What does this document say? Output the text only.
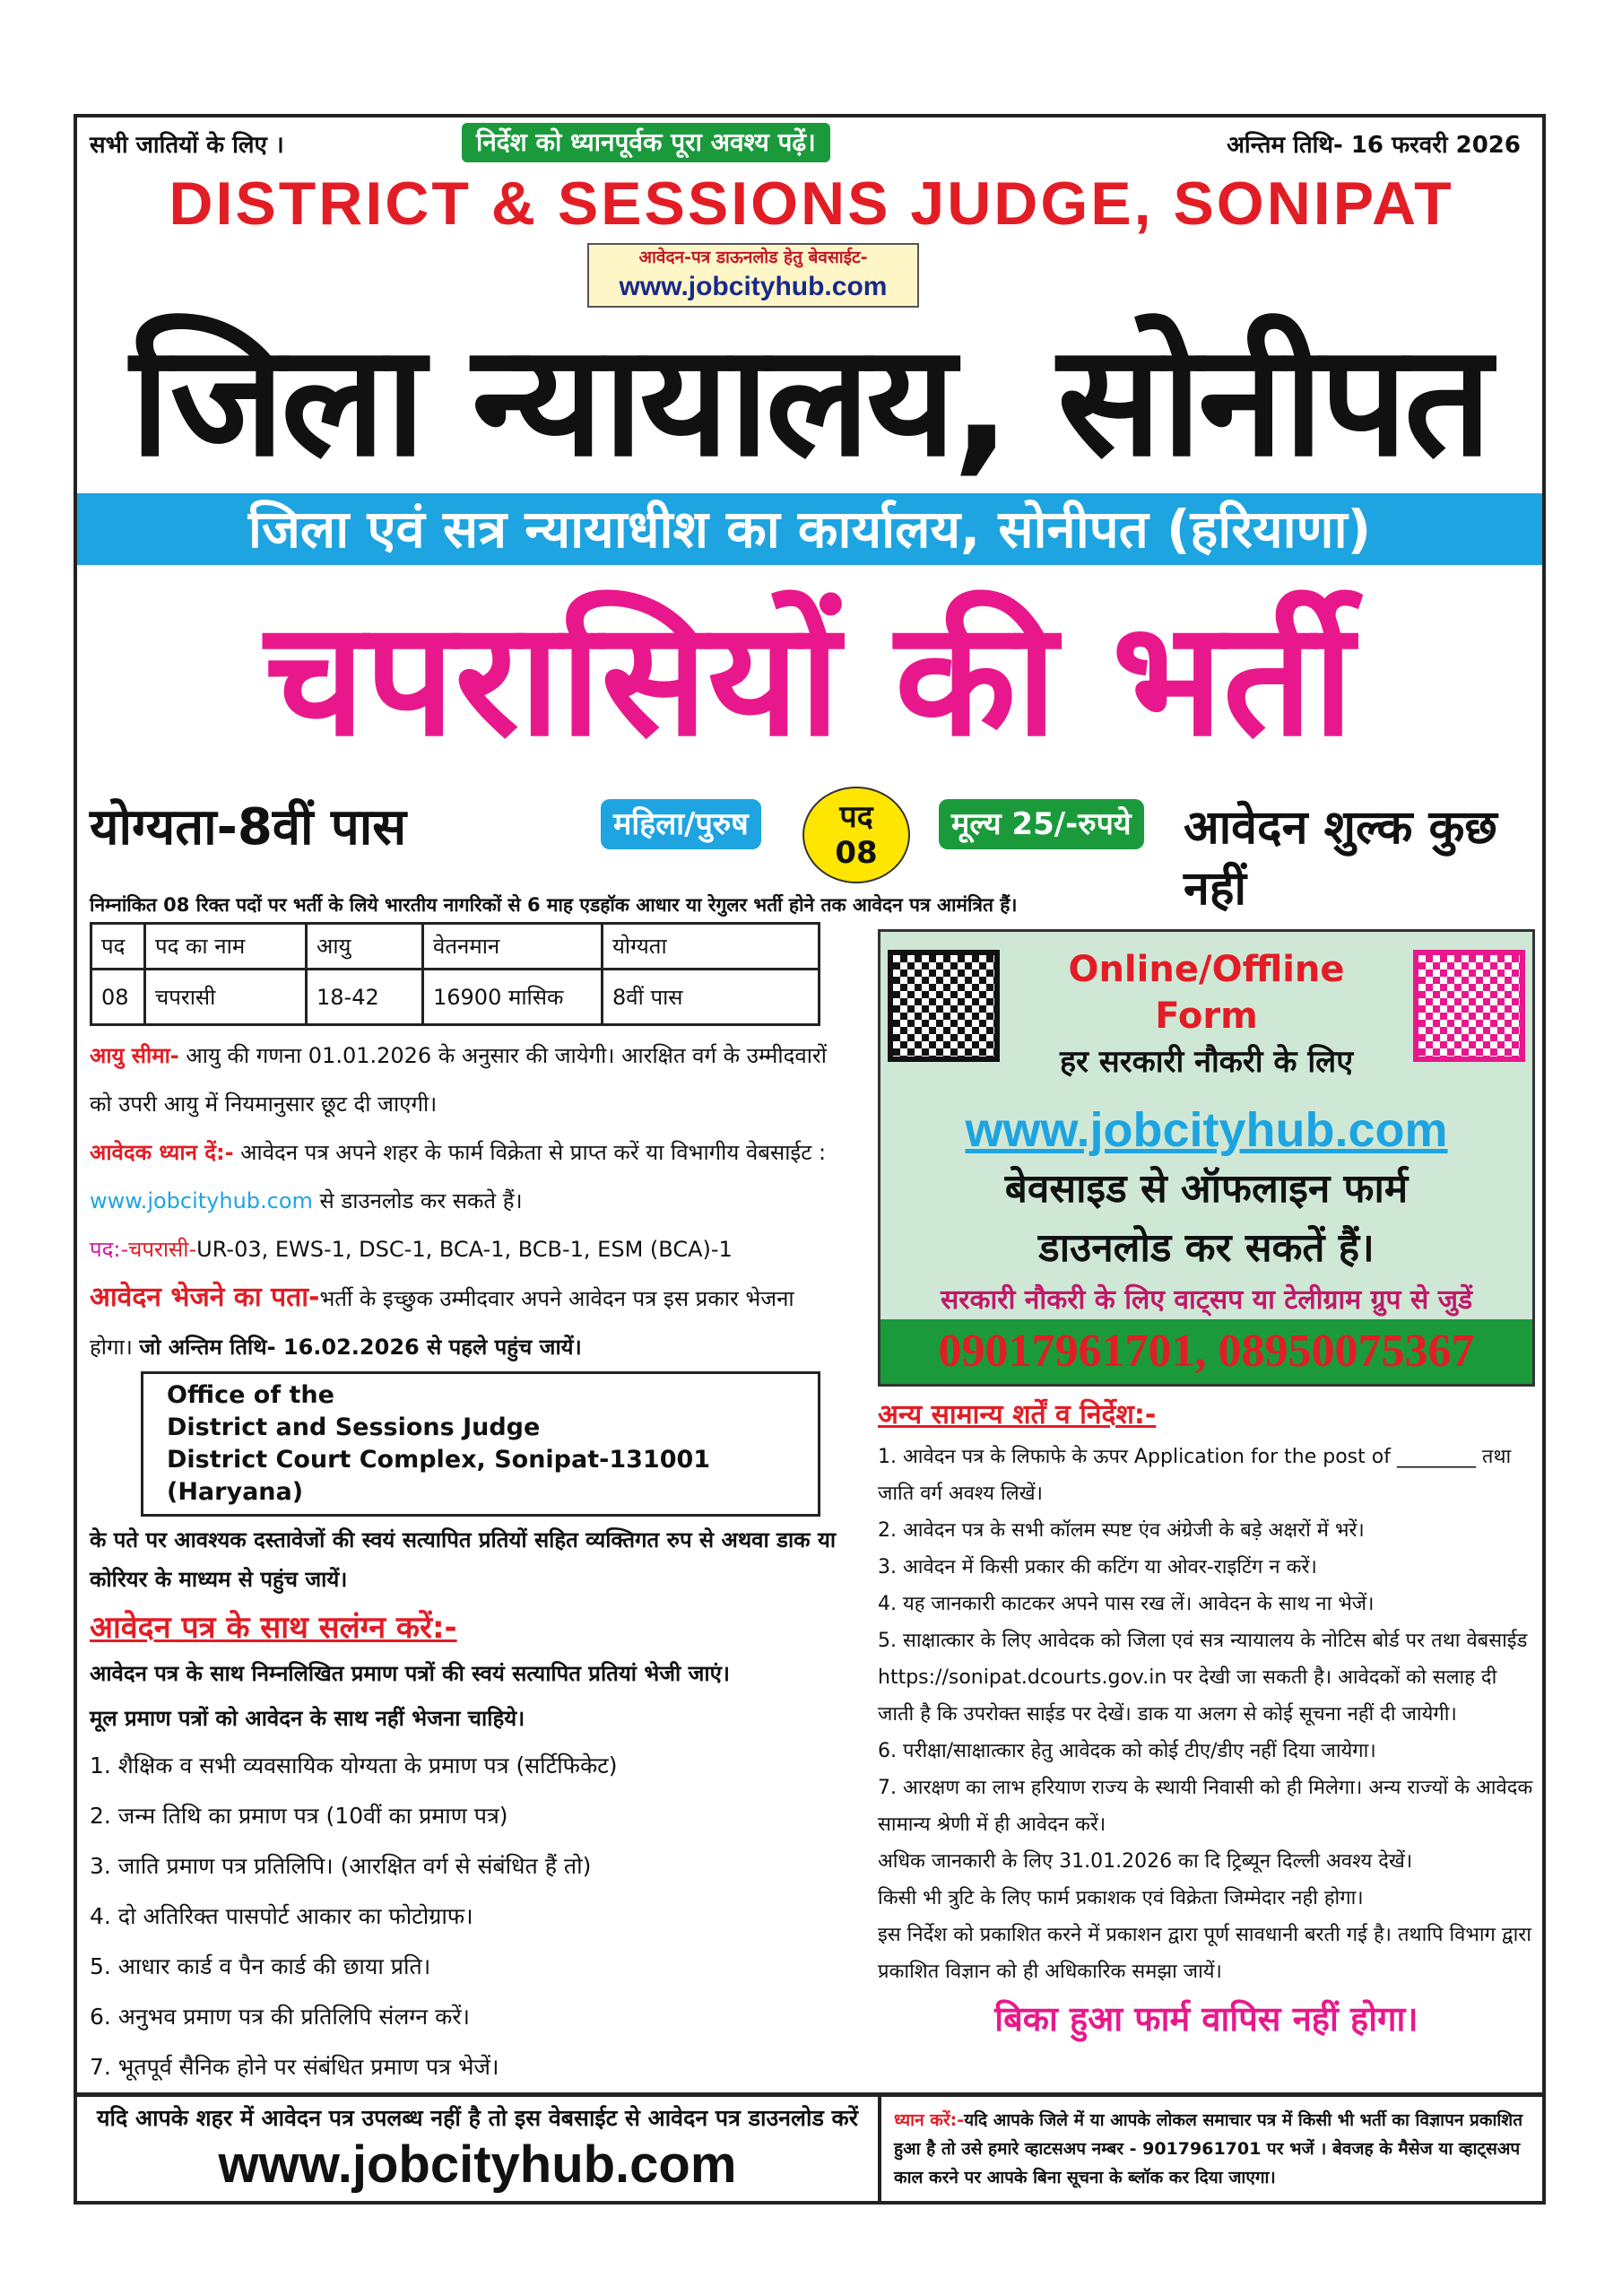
सभी जातियों के लिए ।	निर्देश को ध्यानपूर्वक पूरा अवश्य पढ़ें।	अन्तिम तिथि- 16 फरवरी 2026
DISTRICT & SESSIONS JUDGE, SONIPAT
आवेदन-पत्र डाऊनलोड हेतु बेवसाईट-
www.jobcityhub.com
जिला न्यायालय, सोनीपत
जिला एवं सत्र न्यायाधीश का कार्यालय, सोनीपत (हरियाणा)
चपरासियों की भर्ती
योग्यता-8वीं पास	महिला/पुरुष	पद
08
मूल्य 25/-रुपये आवेदन शुल्क कुछ नहीं
निम्नांकित 08 रिक्त पदों पर भर्ती के लिये भारतीय नागरिकों से 6 माह एडहॉक आधार या रेगुलर भर्ती होने तक आवेदन पत्र आमंत्रित हैं।
पद	पद का नाम	आयु	वेतनमान	योग्यता
08	चपरासी	18-42	16900 मासिक	8वीं पास

आयु सीमा- आयु की गणना 01.01.2026 के अनुसार की जायेगी। आरक्षित वर्ग के उम्मीदवारों को उपरी आयु में नियमानुसार छूट दी जाएगी।

आवेदक ध्यान दें:- आवेदन पत्र अपने शहर के फार्म विक्रेता से प्राप्त करें या विभागीय वेबसाईट : www.jobcityhub.com से डाउनलोड कर सकते हैं।

पद:-चपरासी-UR-03, EWS-1, DSC-1, BCA-1, BCB-1, ESM (BCA)-1

आवेदन भेजने का पता-भर्ती के इच्छुक उम्मीदवार अपने आवेदन पत्र इस प्रकार भेजना होगा। जो अन्तिम तिथि- 16.02.2026 से पहले पहुंच जायें।

Office of the
District and Sessions Judge
District Court Complex, Sonipat-131001 (Haryana)

के पते पर आवश्यक दस्तावेजों की स्वयं सत्यापित प्रतियों सहित व्यक्तिगत रुप से अथवा डाक या कोरियर के माध्यम से पहुंच जायें।

आवेदन पत्र के साथ सलंग्न करें:-

आवेदन पत्र के साथ निम्नलिखित प्रमाण पत्रों की स्वयं सत्यापित प्रतियां भेजी जाएं।

मूल प्रमाण पत्रों को आवेदन के साथ नहीं भेजना चाहिये।

1. शैक्षिक व सभी व्यवसायिक योग्यता के प्रमाण पत्र (सर्टिफिकेट)
2. जन्म तिथि का प्रमाण पत्र (10वीं का प्रमाण पत्र)
3. जाति प्रमाण पत्र प्रतिलिपि। (आरक्षित वर्ग से संबंधित हैं तो)
4. दो अतिरिक्त पासपोर्ट आकार का फोटोग्राफ।
5. आधार कार्ड व पैन कार्ड की छाया प्रति।
6. अनुभव प्रमाण पत्र की प्रतिलिपि संलग्न करें।
7. भूतपूर्व सैनिक होने पर संबंधित प्रमाण पत्र भेजें।
Online/Offline Form
हर सरकारी नौकरी के लिए
www.jobcityhub.com
बेवसाइड से ऑफलाइन फार्म
डाउनलोड कर सकतें हैं।
सरकारी नौकरी के लिए वाट्सप या टेलीग्राम ग्रुप से जुडें
09017961701, 08950075367

अन्य सामान्य शर्तें व निर्देश:-

1. आवेदन पत्र के लिफाफे के ऊपर Application for the post of ________ तथा जाति वर्ग अवश्य लिखें।

2. आवेदन पत्र के सभी कॉलम स्पष्ट एंव अंग्रेजी के बड़े अक्षरों में भरें।

3. आवेदन में किसी प्रकार की कटिंग या ओवर-राइटिंग न करें।

4. यह जानकारी काटकर अपने पास रख लें। आवेदन के साथ ना भेजें।

5. साक्षात्कार के लिए आवेदक को जिला एवं सत्र न्यायालय के नोटिस बोर्ड पर तथा वेबसाईड https://sonipat.dcourts.gov.in पर देखी जा सकती है। आवेदकों को सलाह दी जाती है कि उपरोक्त साईड पर देखें। डाक या अलग से कोई सूचना नहीं दी जायेगी।

6. परीक्षा/साक्षात्कार हेतु आवेदक को कोई टीए/डीए नहीं दिया जायेगा।

7. आरक्षण का लाभ हरियाण राज्य के स्थायी निवासी को ही मिलेगा। अन्य राज्यों के आवेदक सामान्य श्रेणी में ही आवेदन करें।

अधिक जानकारी के लिए 31.01.2026 का दि ट्रिब्यून दिल्ली अवश्य देखें।

किसी भी त्रुटि के लिए फार्म प्रकाशक एवं विक्रेता जिम्मेदार नही होगा।

इस निर्देश को प्रकाशित करने में प्रकाशन द्वारा पूर्ण सावधानी बरती गई है। तथापि विभाग द्वारा प्रकाशित विज्ञान को ही अधिकारिक समझा जायें।

बिका हुआ फार्म वापिस नहीं होगा।

यदि आपके शहर में आवेदन पत्र उपलब्ध नहीं है तो इस वेबसाईट से आवेदन पत्र डाउनलोड करें
www.jobcityhub.com
ध्यान करें:-यदि आपके जिले में या आपके लोकल समाचार पत्र में किसी भी भर्ती का विज्ञापन प्रकाशित हुआ है तो उसे हमारे व्हाटसअप नम्बर - 9017961701 पर भजें । बेवजह के मैसेज या व्हाट्सअप काल करने पर आपके बिना सूचना के ब्लॉक कर दिया जाएगा।
